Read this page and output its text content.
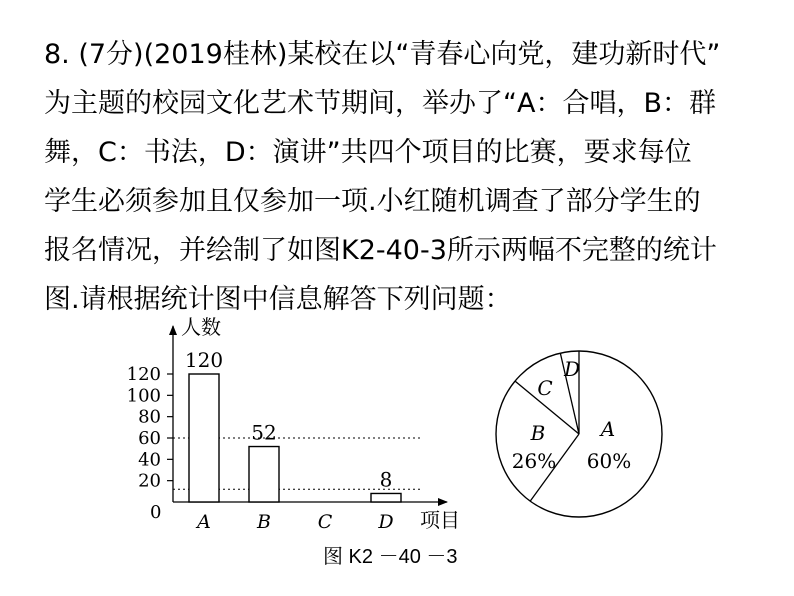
8. (7分)(2019桂林)某校在以“青春心向党，建功新时代”
为主题的校园文化艺术节期间，举办了“A：合唱，B：群
舞，C：书法，D：演讲”共四个项目的比赛，要求每位
学生必须参加且仅参加一项.小红随机调查了部分学生的
报名情况，并绘制了如图K2-40-3所示两幅不完整的统计
图.请根据统计图中信息解答下列问题：
人数
项目
0
20
40
60
80
100
120
120
A
52
B C
8
D
A
60%
B
26%
C
D
图 K2 －40 －3
